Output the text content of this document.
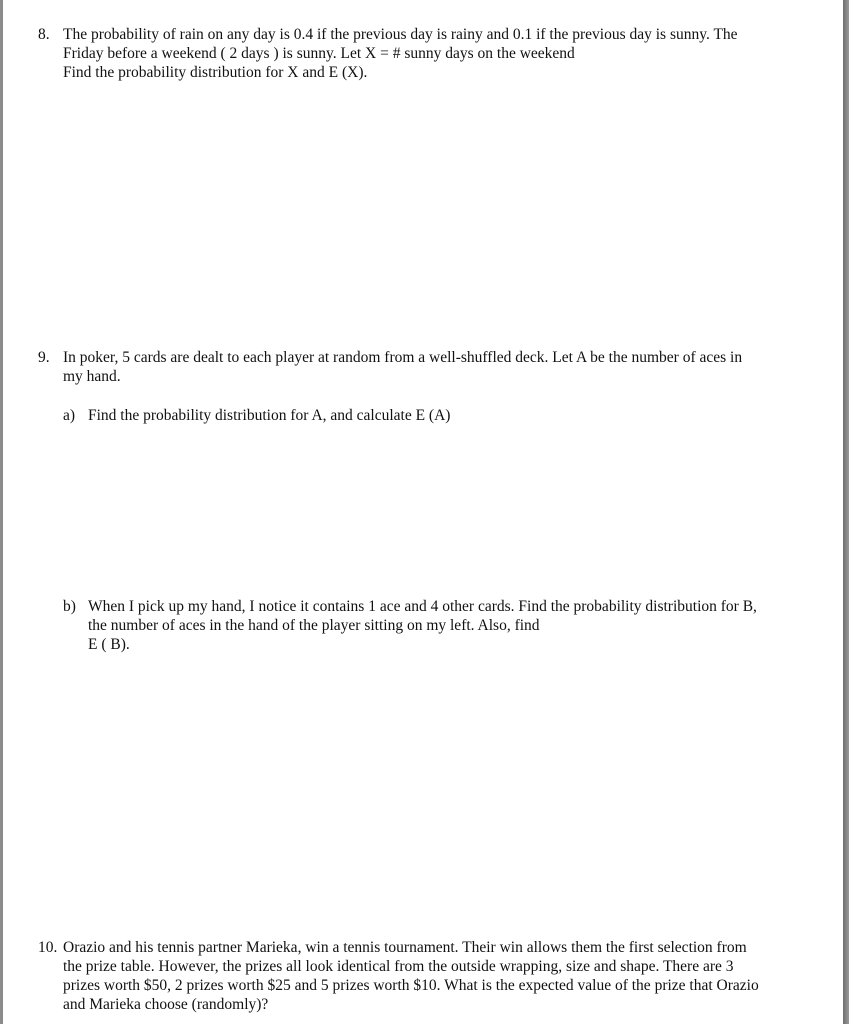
8. The probability of rain on any day is 0.4 if the previous day is rainy and 0.1 if the previous day is sunny. The
Friday before a weekend ( 2 days ) is sunny. Let X = # sunny days on the weekend
Find the probability distribution for X and E (X).
9. In poker, 5 cards are dealt to each player at random from a well-shuffled deck. Let A be the number of aces in
my hand.
a) Find the probability distribution for A, and calculate E (A)
b) When I pick up my hand, I notice it contains 1 ace and 4 other cards. Find the probability distribution for B,
the number of aces in the hand of the player sitting on my left. Also, find
E ( B).
10. Orazio and his tennis partner Marieka, win a tennis tournament. Their win allows them the first selection from
the prize table. However, the prizes all look identical from the outside wrapping, size and shape. There are 3
prizes worth $50, 2 prizes worth $25 and 5 prizes worth $10. What is the expected value of the prize that Orazio
and Marieka choose (randomly)?
